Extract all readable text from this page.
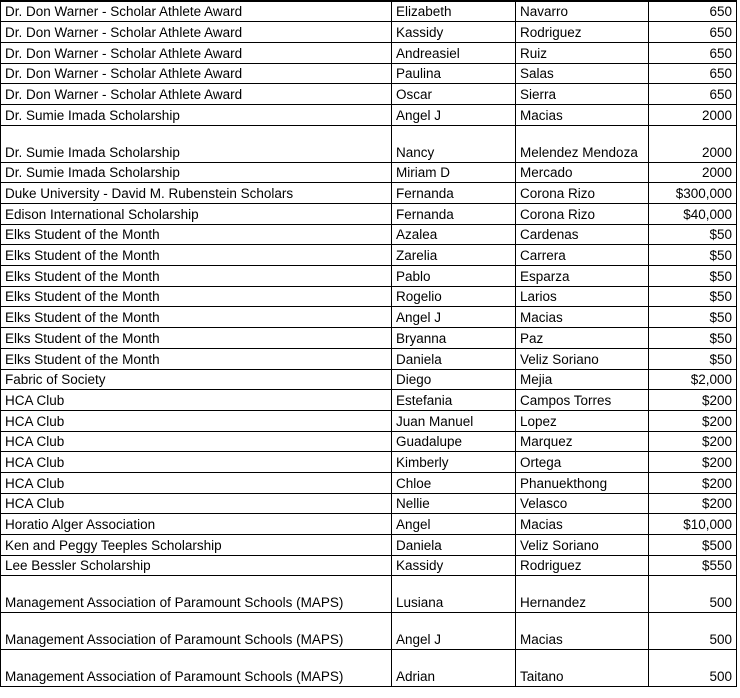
Dr. Don Warner - Scholar Athlete Award	Elizabeth	Navarro	650
Dr. Don Warner - Scholar Athlete Award	Kassidy	Rodriguez	650
Dr. Don Warner - Scholar Athlete Award	Andreasiel	Ruiz	650
Dr. Don Warner - Scholar Athlete Award	Paulina	Salas	650
Dr. Don Warner - Scholar Athlete Award	Oscar	Sierra	650
Dr. Sumie Imada Scholarship	Angel J	Macias	2000
Dr. Sumie Imada Scholarship	Nancy	Melendez Mendoza	2000
Dr. Sumie Imada Scholarship	Miriam D	Mercado	2000
Duke University - David M. Rubenstein Scholars	Fernanda	Corona Rizo	$300,000
Edison International Scholarship	Fernanda	Corona Rizo	$40,000
Elks Student of the Month	Azalea	Cardenas	$50
Elks Student of the Month	Zarelia	Carrera	$50
Elks Student of the Month	Pablo	Esparza	$50
Elks Student of the Month	Rogelio	Larios	$50
Elks Student of the Month	Angel J	Macias	$50
Elks Student of the Month	Bryanna	Paz	$50
Elks Student of the Month	Daniela	Veliz Soriano	$50
Fabric of Society	Diego	Mejia	$2,000
HCA Club	Estefania	Campos Torres	$200
HCA Club	Juan Manuel	Lopez	$200
HCA Club	Guadalupe	Marquez	$200
HCA Club	Kimberly	Ortega	$200
HCA Club	Chloe	Phanuekthong	$200
HCA Club	Nellie	Velasco	$200
Horatio Alger Association	Angel	Macias	$10,000
Ken and Peggy Teeples Scholarship	Daniela	Veliz Soriano	$500
Lee Bessler Scholarship	Kassidy	Rodriguez	$550
Management Association of Paramount Schools (MAPS)	Lusiana	Hernandez	500
Management Association of Paramount Schools (MAPS)	Angel J	Macias	500
Management Association of Paramount Schools (MAPS)	Adrian	Taitano	500
